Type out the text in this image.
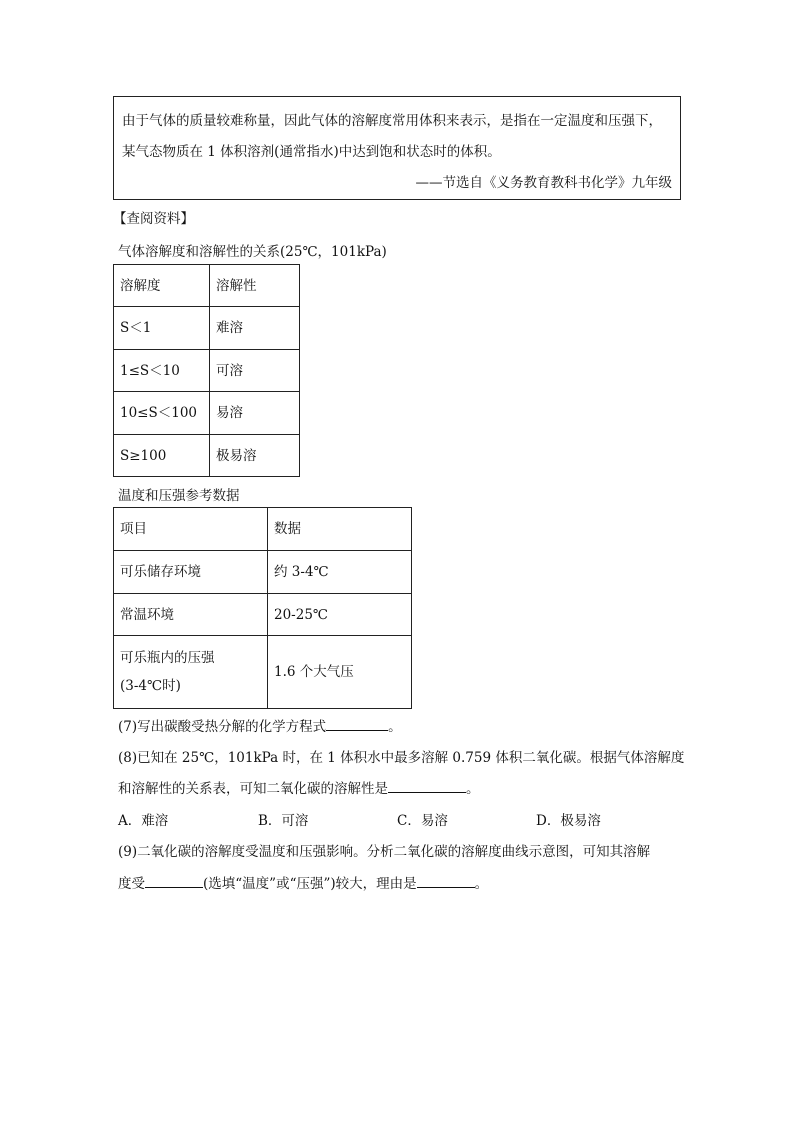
由于气体的质量较难称量，因此气体的溶解度常用体积来表示，是指在一定温度和压强下，
某气态物质在 1 体积溶剂(通常指水)中达到饱和状态时的体积。
——节选自《义务教育教科书化学》九年级
【查阅资料】
气体溶解度和溶解性的关系(25℃，101kPa)
溶解度	溶解性
S＜1	难溶
1≤S＜10	可溶
10≤S＜100	易溶
S≥100	极易溶
温度和压强参考数据
项目	数据
可乐储存环境	约 3-4℃
常温环境	20-25℃

可乐瓶内的压强
(3-4℃时)	1.6 个大气压
(7)写出碳酸受热分解的化学方程式	。
(8)已知在 25℃，101kPa 时，在 1 体积水中最多溶解 0.759 体积二氧化碳。根据气体溶解度
和溶解性的关系表，可知二氧化碳的溶解性是	。
A．难溶	B．可溶	C．易溶	D．极易溶
(9)二氧化碳的溶解度受温度和压强影响。分析二氧化碳的溶解度曲线示意图，可知其溶解
度受	(选填“温度”或“压强”)较大，理由是	。
